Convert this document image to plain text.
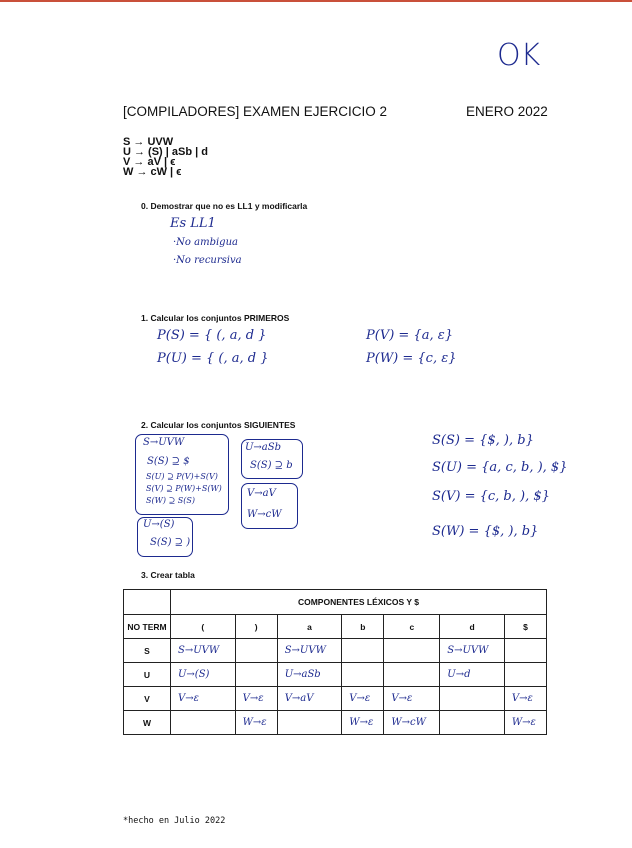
OK
[COMPILADORES] EXAMEN EJERCICIO 2	ENERO 2022
S → UVW
U → (S) | aSb | d
V → aV | ϵ
W → cW | ϵ
0. Demostrar que no es LL1 y modificarla
Es LL1
·No ambigua
·No recursiva
1. Calcular los conjuntos PRIMEROS
P(S) = { (, a, d }
P(U) = { (, a, d }
P(V) = {a, ε}
P(W) = {c, ε}
2. Calcular los conjuntos SIGUIENTES
S→UVW
S(S) ⊇ $
S(U) ⊇ P(V)+S(V)
S(V) ⊇ P(W)+S(W)
S(W) ⊇ S(S)
U→aSb
S(S) ⊇ b
V→aV
W→cW
U→(S)
S(S) ⊇ )
S(S) = {$, ), b}
S(U) = {a, c, b, ), $}
S(V) = {c, b, ), $}
S(W) = {$, ), b}
3. Crear tabla
	COMPONENTES LÉXICOS Y $						
NO TERM	(	)	a	b	c	d	$
S	S→UVW		S→UVW			S→UVW	
U	U→(S)		U→aSb			U→d	
V	V→ε	V→ε	V→aV	V→ε	V→ε		V→ε
W		W→ε		W→ε	W→cW		W→ε
*hecho en Julio 2022
